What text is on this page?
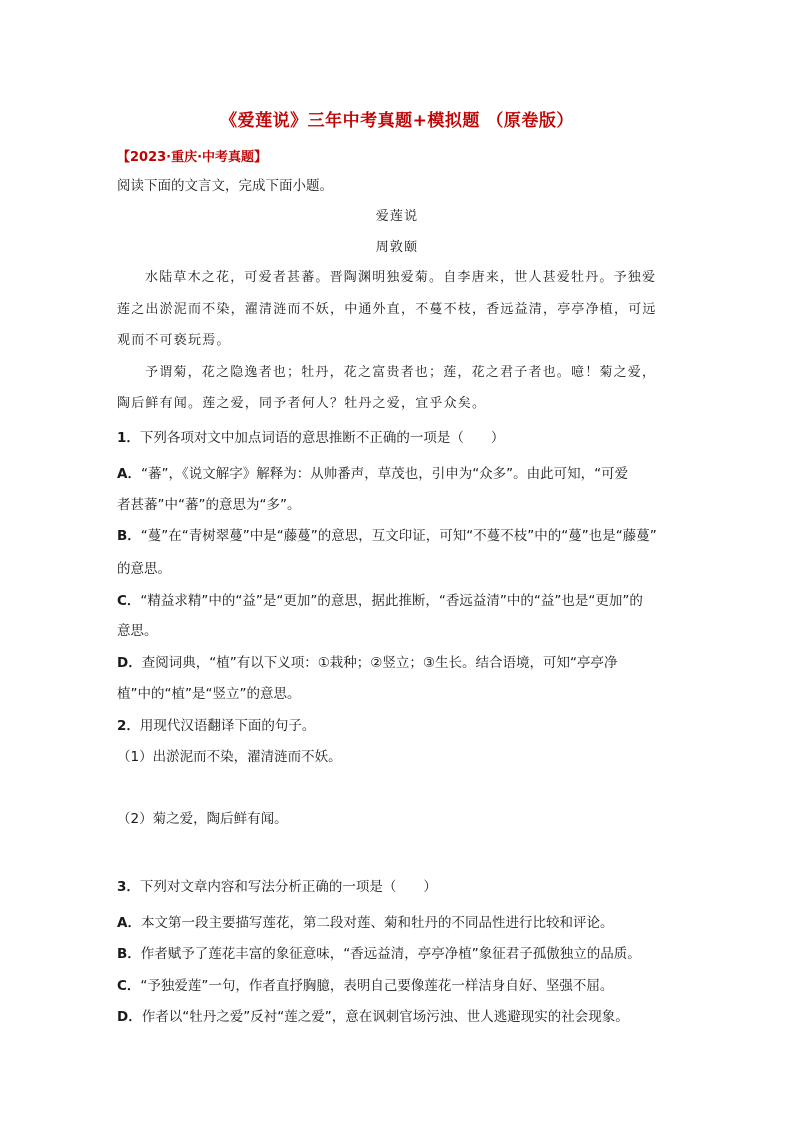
《爱莲说》三年中考真题+模拟题 （原卷版）
【2023·重庆·中考真题】
阅读下面的文言文，完成下面小题。
爱莲说
周敦颐
水陆草木之花，可爱者甚蕃。晋陶渊明独爱菊。自李唐来，世人甚爱牡丹。予独爱
莲之出淤泥而不染，濯清涟而不妖，中通外直，不蔓不枝，香远益清，亭亭净植，可远
观而不可亵玩焉。
予谓菊，花之隐逸者也；牡丹，花之富贵者也；莲，花之君子者也。噫！菊之爱，
陶后鲜有闻。莲之爱，同予者何人？牡丹之爱，宜乎众矣。
1．下列各项对文中加点词语的意思推断不正确的一项是（　　）
A．“蕃”，《说文解字》解释为：从帅番声，草茂也，引申为“众多”。由此可知，“可爱
者甚蕃”中“蕃”的意思为“多”。
B．“蔓”在“青树翠蔓”中是“藤蔓”的意思，互文印证，可知“不蔓不枝”中的“蔓”也是“藤蔓”
的意思。
C．“精益求精”中的“益”是“更加”的意思，据此推断，“香远益清”中的“益”也是“更加”的
意思。
D．查阅词典，“植”有以下义项：①栽种；②竖立；③生长。结合语境，可知“亭亭净
植”中的“植”是“竖立”的意思。
2．用现代汉语翻译下面的句子。
（1）出淤泥而不染，濯清涟而不妖。
（2）菊之爱，陶后鲜有闻。
3．下列对文章内容和写法分析正确的一项是（　　）
A．本文第一段主要描写莲花，第二段对莲、菊和牡丹的不同品性进行比较和评论。
B．作者赋予了莲花丰富的象征意味，“香远益清，亭亭净植”象征君子孤傲独立的品质。
C．“予独爱莲”一句，作者直抒胸臆，表明自己要像莲花一样洁身自好、坚强不屈。
D．作者以“牡丹之爱”反衬“莲之爱”，意在讽刺官场污浊、世人逃避现实的社会现象。
